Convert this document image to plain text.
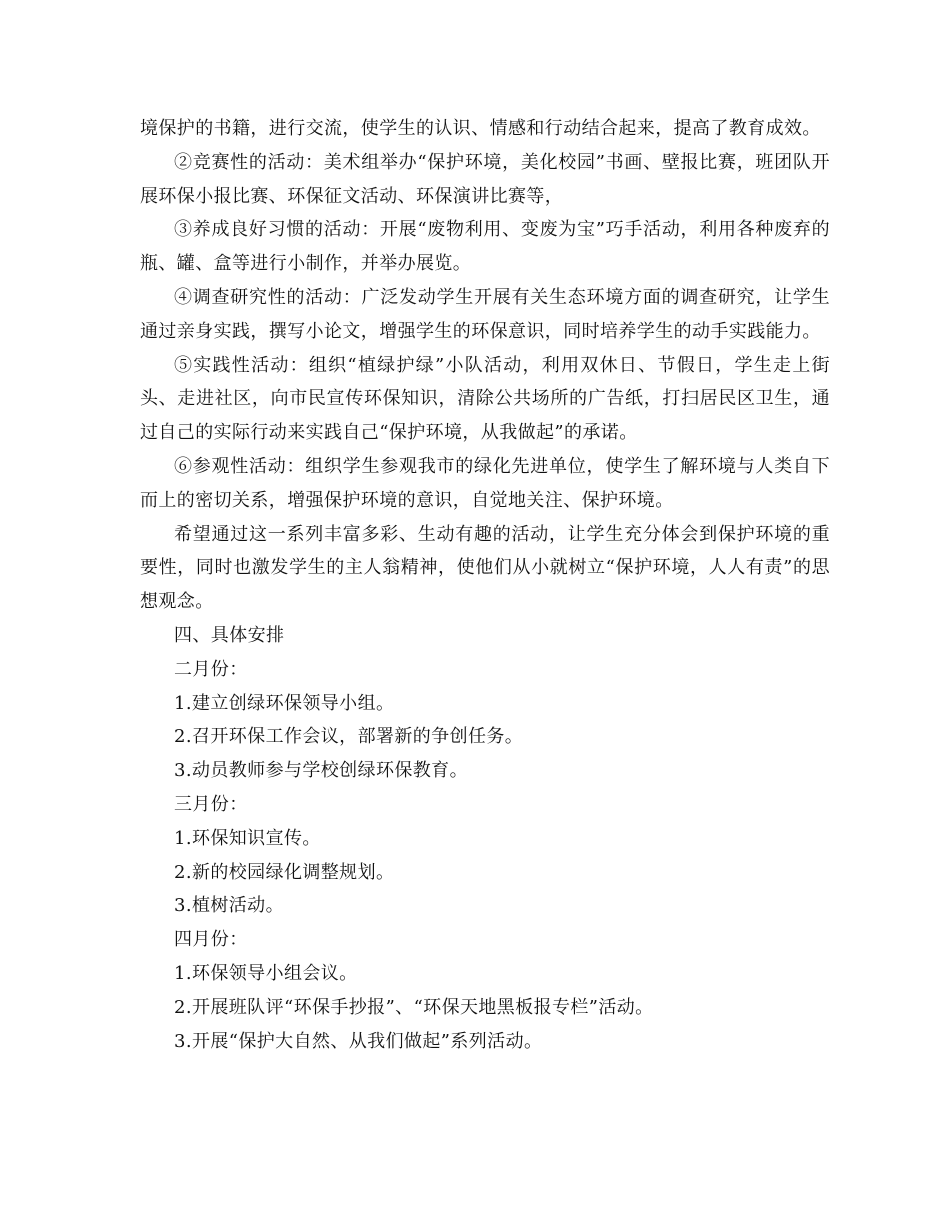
境保护的书籍，进行交流，使学生的认识、情感和行动结合起来，提高了教育成效。

②竞赛性的活动：美术组举办“保护环境，美化校园”书画、壁报比赛，班团队开展环保小报比赛、环保征文活动、环保演讲比赛等，

③养成良好习惯的活动：开展“废物利用、变废为宝”巧手活动，利用各种废弃的瓶、罐、盒等进行小制作，并举办展览。

④调查研究性的活动：广泛发动学生开展有关生态环境方面的调查研究，让学生通过亲身实践，撰写小论文，增强学生的环保意识，同时培养学生的动手实践能力。

⑤实践性活动：组织“植绿护绿”小队活动，利用双休日、节假日，学生走上街头、走进社区，向市民宣传环保知识，清除公共场所的广告纸，打扫居民区卫生，通过自己的实际行动来实践自己“保护环境，从我做起”的承诺。

⑥参观性活动：组织学生参观我市的绿化先进单位，使学生了解环境与人类自下而上的密切关系，增强保护环境的意识，自觉地关注、保护环境。

希望通过这一系列丰富多彩、生动有趣的活动，让学生充分体会到保护环境的重要性，同时也激发学生的主人翁精神，使他们从小就树立“保护环境，人人有责”的思想观念。

四、具体安排

二月份：

1.建立创绿环保领导小组。

2.召开环保工作会议，部署新的争创任务。

3.动员教师参与学校创绿环保教育。

三月份：

1.环保知识宣传。

2.新的校园绿化调整规划。

3.植树活动。

四月份：

1.环保领导小组会议。

2.开展班队评“环保手抄报”、“环保天地黑板报专栏”活动。

3.开展“保护大自然、从我们做起”系列活动。
